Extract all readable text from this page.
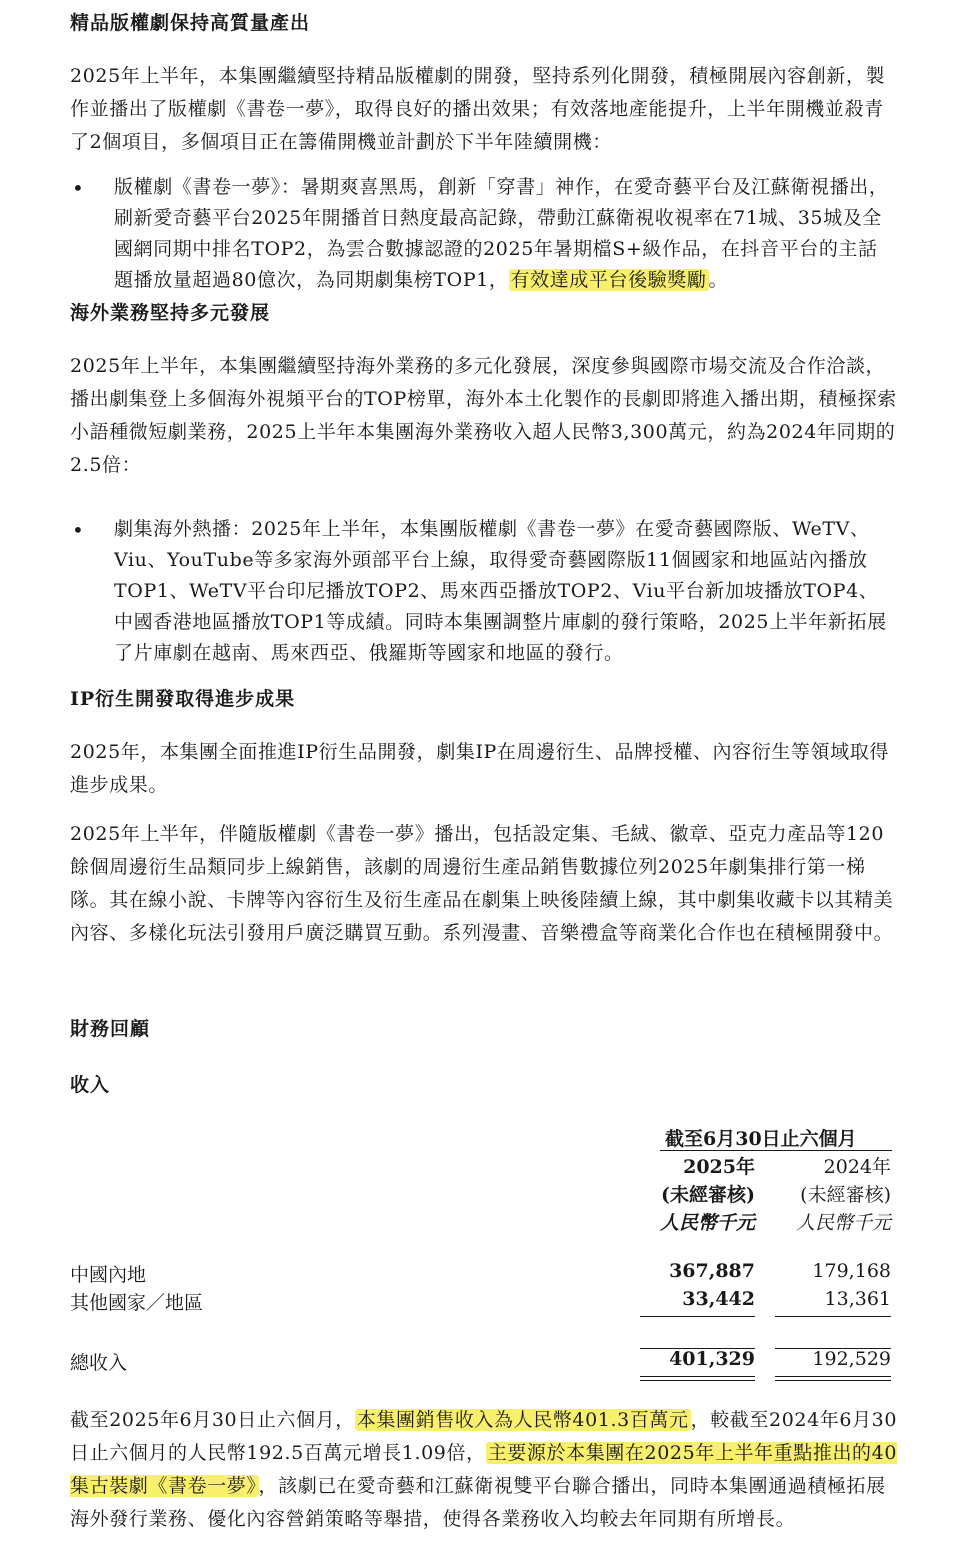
精品版權劇保持高質量產出
2025年上半年，本集團繼續堅持精品版權劇的開發，堅持系列化開發，積極開展內容創新，製作並播出了版權劇《書卷一夢》，取得良好的播出效果；有效落地產能提升，上半年開機並殺青了2個項目，多個項目正在籌備開機並計劃於下半年陸續開機：
• 版權劇《書卷一夢》：暑期爽喜黑馬，創新「穿書」神作，在愛奇藝平台及江蘇衛視播出，刷新愛奇藝平台2025年開播首日熱度最高記錄，帶動江蘇衛視收視率在71城、35城及全國網同期中排名TOP2，為雲合數據認證的2025年暑期檔S+級作品，在抖音平台的主話題播放量超過80億次，為同期劇集榜TOP1， 有效達成平台後驗獎勵 。
海外業務堅持多元發展
2025年上半年，本集團繼續堅持海外業務的多元化發展，深度參與國際市場交流及合作洽談，播出劇集登上多個海外視頻平台的TOP榜單，海外本土化製作的長劇即將進入播出期，積極探索小語種微短劇業務，2025上半年本集團海外業務收入超人民幣3,300萬元，約為2024年同期的2.5倍：
• 劇集海外熱播：2025年上半年，本集團版權劇《書卷一夢》在愛奇藝國際版、WeTV、Viu、YouTube等多家海外頭部平台上線，取得愛奇藝國際版11個國家和地區站內播放TOP1、WeTV平台印尼播放TOP2、馬來西亞播放TOP2、Viu平台新加坡播放TOP4、中國香港地區播放TOP1等成績。同時本集團調整片庫劇的發行策略，2025上半年新拓展了片庫劇在越南、馬來西亞、俄羅斯等國家和地區的發行。
IP衍生開發取得進步成果
2025年，本集團全面推進IP衍生品開發，劇集IP在周邊衍生、品牌授權、內容衍生等領域取得進步成果。
2025年上半年，伴隨版權劇《書卷一夢》播出，包括設定集、毛絨、徽章、亞克力產品等120餘個周邊衍生品類同步上線銷售，該劇的周邊衍生產品銷售數據位列2025年劇集排行第一梯隊。其在線小說、卡牌等內容衍生及衍生產品在劇集上映後陸續上線，其中劇集收藏卡以其精美內容、多樣化玩法引發用戶廣泛購買互動。系列漫畫、音樂禮盒等商業化合作也在積極開發中。
財務回顧
收入
截至6月30日止六個月
2025年
(未經審核)
人民幣千元
2024年
(未經審核)
人民幣千元
中國內地	367,887	179,168
其他國家／地區	33,442	13,361
總收入	401,329	192,529
截至2025年6月30日止六個月， 本集團銷售收入為人民幣401.3百萬元 ，較截至2024年6月30日止六個月的人民幣192.5百萬元增長1.09倍， 主要源於本集團在2025年上半年重點推出的40集古裝劇《書卷一夢》 ，該劇已在愛奇藝和江蘇衛視雙平台聯合播出，同時本集團通過積極拓展海外發行業務、優化內容營銷策略等舉措，使得各業務收入均較去年同期有所增長。
